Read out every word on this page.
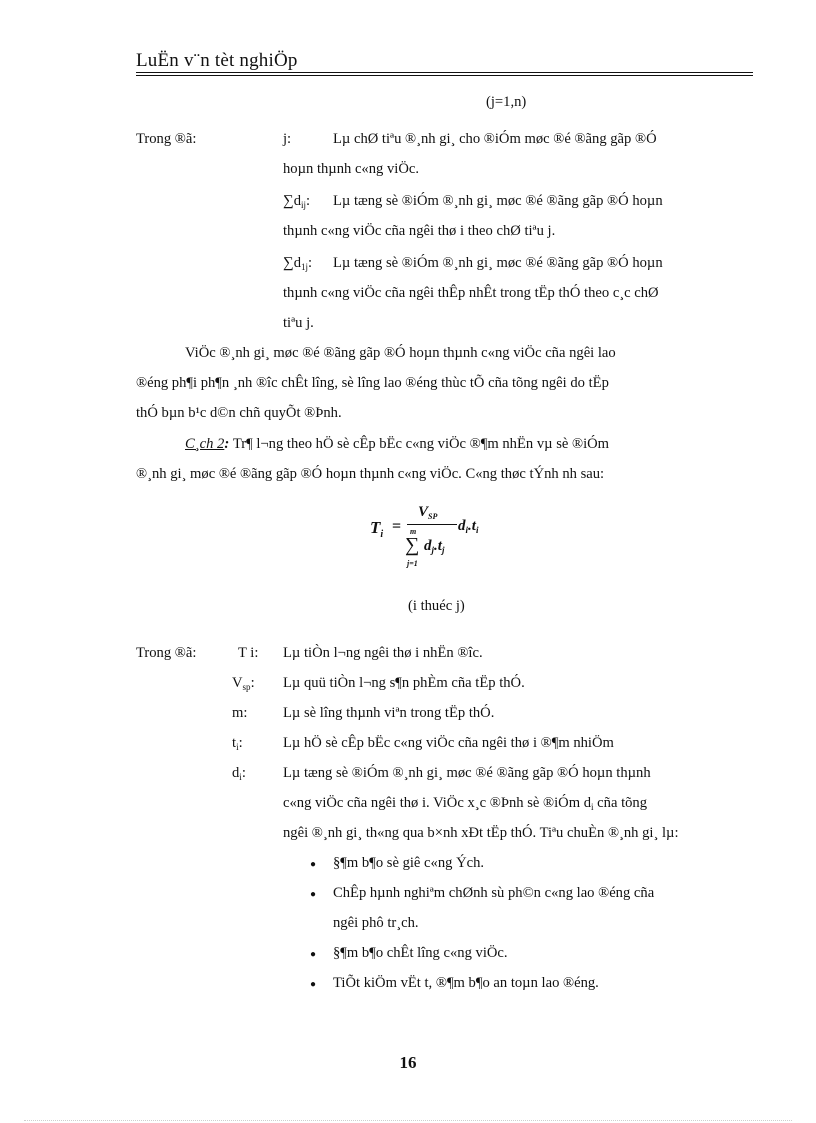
LuËn v¨n tèt nghiÖp
(j=1,n)
Trong ®ã:	j:	Lµ chØ tiªu ®¸nh gi¸ cho ®iÓm møc ®é ®ãng gãp ®Ó
hoµn thµnh c«ng viÖc.
$\sum d_{ij}$: Lµ tæng sè ®iÓm ®¸nh gi¸ møc ®é ®ãng gãp ®Ó hoµn
thµnh c«ng viÖc cña ngêi thø i theo chØ tiªu j.
$\sum d_{1j}$: Lµ tæng sè ®iÓm ®¸nh gi¸ møc ®é ®ãng gãp ®Ó hoµn
thµnh c«ng viÖc cña ngêi thÊp nhÊt trong tËp thÓ theo c¸c chØ
tiªu j.
ViÖc ®¸nh gi¸ møc ®é ®ãng gãp ®Ó hoµn thµnh c«ng viÖc cña ngêi lao
®éng ph¶i ph¶n ¸nh ®îc chÊt lîng, sè lîng lao ®éng thùc tÕ cña tõng ngêi do tËp
thÓ bµn b¹c d©n chñ quyÕt ®Þnh.
C¸ch 2: Tr¶ l¬ng theo hÖ sè cÊp bËc c«ng viÖc ®¶m nhËn vµ sè ®iÓm
®¸nh gi¸ møc ®é ®ãng gãp ®Ó hoµn thµnh c«ng viÖc. C«ng thøc tÝnh nh sau:
$T_i$ =
$V_{SP}$
$d_i.t_i$
m
∑
j=1
$d_j.t_j$
(i thuéc j)
Trong ®ã:	T i: Lµ tiÒn l¬ng ngêi thø i nhËn ®îc.
$V_{sp}$: Lµ quü tiÒn l¬ng s¶n phÈm cña tËp thÓ.
m: Lµ sè lîng thµnh viªn trong tËp thÓ.
$t_i$:	Lµ hÖ sè cÊp bËc c«ng viÖc cña ngêi thø i ®¶m nhiÖm
$d_i$:	Lµ tæng sè ®iÓm ®¸nh gi¸ møc ®é ®ãng gãp ®Ó hoµn thµnh
c«ng viÖc cña ngêi thø i. ViÖc x¸c ®Þnh sè ®iÓm $d_i$ cña tõng
ngêi ®¸nh gi¸ th«ng qua b×nh xÐt tËp thÓ. Tiªu chuÈn ®¸nh gi¸ lµ:
● §¶m b¶o sè giê c«ng Ých.
● ChÊp hµnh nghiªm chØnh sù ph©n c«ng lao ®éng cña
ngêi phô tr¸ch.
● §¶m b¶o chÊt lîng c«ng viÖc.
● TiÕt kiÖm vËt t, ®¶m b¶o an toµn lao ®éng.
16
